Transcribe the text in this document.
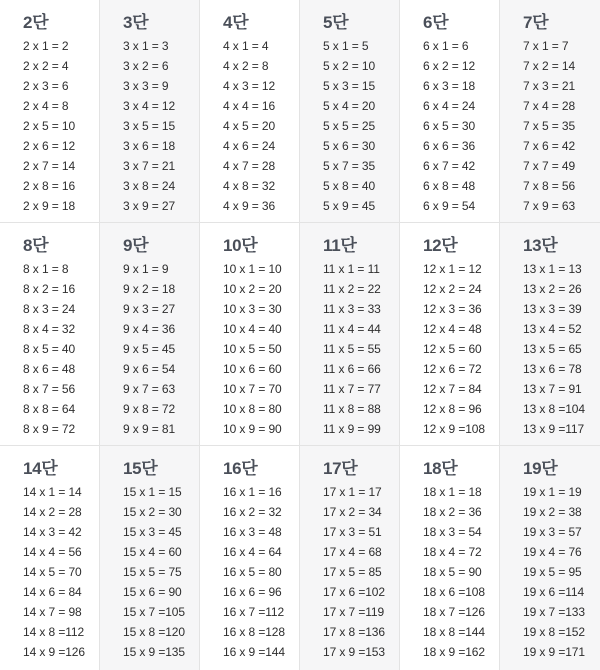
2단
2 x 1 = 2
2 x 2 = 4
2 x 3 = 6
2 x 4 = 8
2 x 5 = 10
2 x 6 = 12
2 x 7 = 14
2 x 8 = 16
2 x 9 = 18
3단
3 x 1 = 3
3 x 2 = 6
3 x 3 = 9
3 x 4 = 12
3 x 5 = 15
3 x 6 = 18
3 x 7 = 21
3 x 8 = 24
3 x 9 = 27
4단
4 x 1 = 4
4 x 2 = 8
4 x 3 = 12
4 x 4 = 16
4 x 5 = 20
4 x 6 = 24
4 x 7 = 28
4 x 8 = 32
4 x 9 = 36
5단
5 x 1 = 5
5 x 2 = 10
5 x 3 = 15
5 x 4 = 20
5 x 5 = 25
5 x 6 = 30
5 x 7 = 35
5 x 8 = 40
5 x 9 = 45
6단
6 x 1 = 6
6 x 2 = 12
6 x 3 = 18
6 x 4 = 24
6 x 5 = 30
6 x 6 = 36
6 x 7 = 42
6 x 8 = 48
6 x 9 = 54
7단
7 x 1 = 7
7 x 2 = 14
7 x 3 = 21
7 x 4 = 28
7 x 5 = 35
7 x 6 = 42
7 x 7 = 49
7 x 8 = 56
7 x 9 = 63
8단
8 x 1 = 8
8 x 2 = 16
8 x 3 = 24
8 x 4 = 32
8 x 5 = 40
8 x 6 = 48
8 x 7 = 56
8 x 8 = 64
8 x 9 = 72
9단
9 x 1 = 9
9 x 2 = 18
9 x 3 = 27
9 x 4 = 36
9 x 5 = 45
9 x 6 = 54
9 x 7 = 63
9 x 8 = 72
9 x 9 = 81
10단
10 x 1 = 10
10 x 2 = 20
10 x 3 = 30
10 x 4 = 40
10 x 5 = 50
10 x 6 = 60
10 x 7 = 70
10 x 8 = 80
10 x 9 = 90
11단
11 x 1 = 11
11 x 2 = 22
11 x 3 = 33
11 x 4 = 44
11 x 5 = 55
11 x 6 = 66
11 x 7 = 77
11 x 8 = 88
11 x 9 = 99
12단
12 x 1 = 12
12 x 2 = 24
12 x 3 = 36
12 x 4 = 48
12 x 5 = 60
12 x 6 = 72
12 x 7 = 84
12 x 8 = 96
12 x 9 =108
13단
13 x 1 = 13
13 x 2 = 26
13 x 3 = 39
13 x 4 = 52
13 x 5 = 65
13 x 6 = 78
13 x 7 = 91
13 x 8 =104
13 x 9 =117
14단
14 x 1 = 14
14 x 2 = 28
14 x 3 = 42
14 x 4 = 56
14 x 5 = 70
14 x 6 = 84
14 x 7 = 98
14 x 8 =112
14 x 9 =126
15단
15 x 1 = 15
15 x 2 = 30
15 x 3 = 45
15 x 4 = 60
15 x 5 = 75
15 x 6 = 90
15 x 7 =105
15 x 8 =120
15 x 9 =135
16단
16 x 1 = 16
16 x 2 = 32
16 x 3 = 48
16 x 4 = 64
16 x 5 = 80
16 x 6 = 96
16 x 7 =112
16 x 8 =128
16 x 9 =144
17단
17 x 1 = 17
17 x 2 = 34
17 x 3 = 51
17 x 4 = 68
17 x 5 = 85
17 x 6 =102
17 x 7 =119
17 x 8 =136
17 x 9 =153
18단
18 x 1 = 18
18 x 2 = 36
18 x 3 = 54
18 x 4 = 72
18 x 5 = 90
18 x 6 =108
18 x 7 =126
18 x 8 =144
18 x 9 =162
19단
19 x 1 = 19
19 x 2 = 38
19 x 3 = 57
19 x 4 = 76
19 x 5 = 95
19 x 6 =114
19 x 7 =133
19 x 8 =152
19 x 9 =171
